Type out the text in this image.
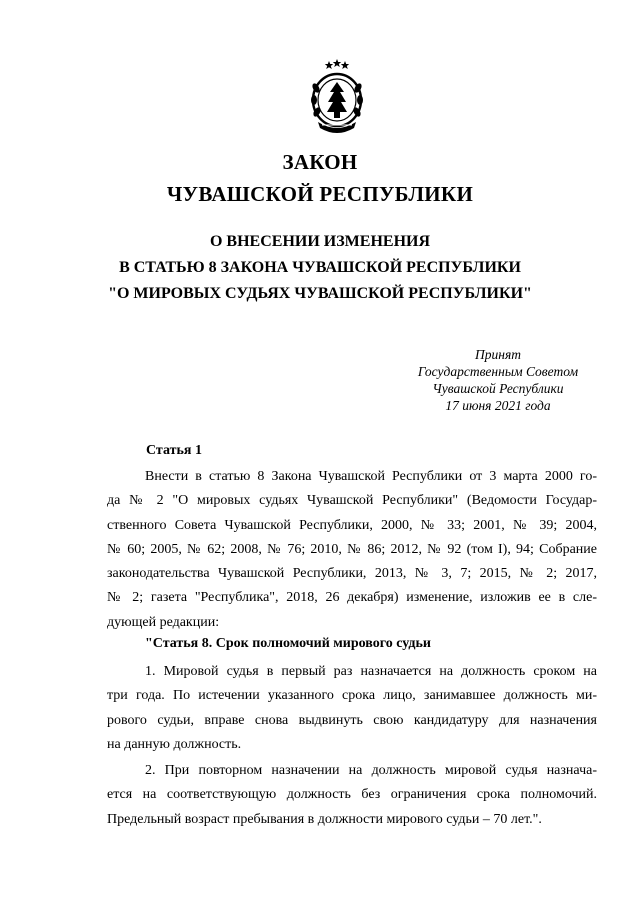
ЗАКОН
ЧУВАШСКОЙ РЕСПУБЛИКИ
О ВНЕСЕНИИ ИЗМЕНЕНИЯ
В СТАТЬЮ 8 ЗАКОНА ЧУВАШСКОЙ РЕСПУБЛИКИ
"О МИРОВЫХ СУДЬЯХ ЧУВАШСКОЙ РЕСПУБЛИКИ"
Принят
Государственным Советом
Чувашской Республики
17 июня 2021 года
Статья 1
Внести в статью 8 Закона Чувашской Республики от 3 марта 2000 го-
да № 2 "О мировых судьях Чувашской Республики" (Ведомости Государ-
ственного Совета Чувашской Республики, 2000, № 33; 2001, № 39; 2004,
№ 60; 2005, № 62; 2008, № 76; 2010, № 86; 2012, № 92 (том I), 94; Собрание
законодательства Чувашской Республики, 2013, № 3, 7; 2015, № 2; 2017,
№ 2; газета "Республика", 2018, 26 декабря) изменение, изложив ее в сле-
дующей редакции:
"Статья 8. Срок полномочий мирового судьи
1. Мировой судья в первый раз назначается на должность сроком на
три года. По истечении указанного срока лицо, занимавшее должность ми-
рового судьи, вправе снова выдвинуть свою кандидатуру для назначения
на данную должность.
2. При повторном назначении на должность мировой судья назнача-
ется на соответствующую должность без ограничения срока полномочий.
Предельный возраст пребывания в должности мирового судьи – 70 лет.".
